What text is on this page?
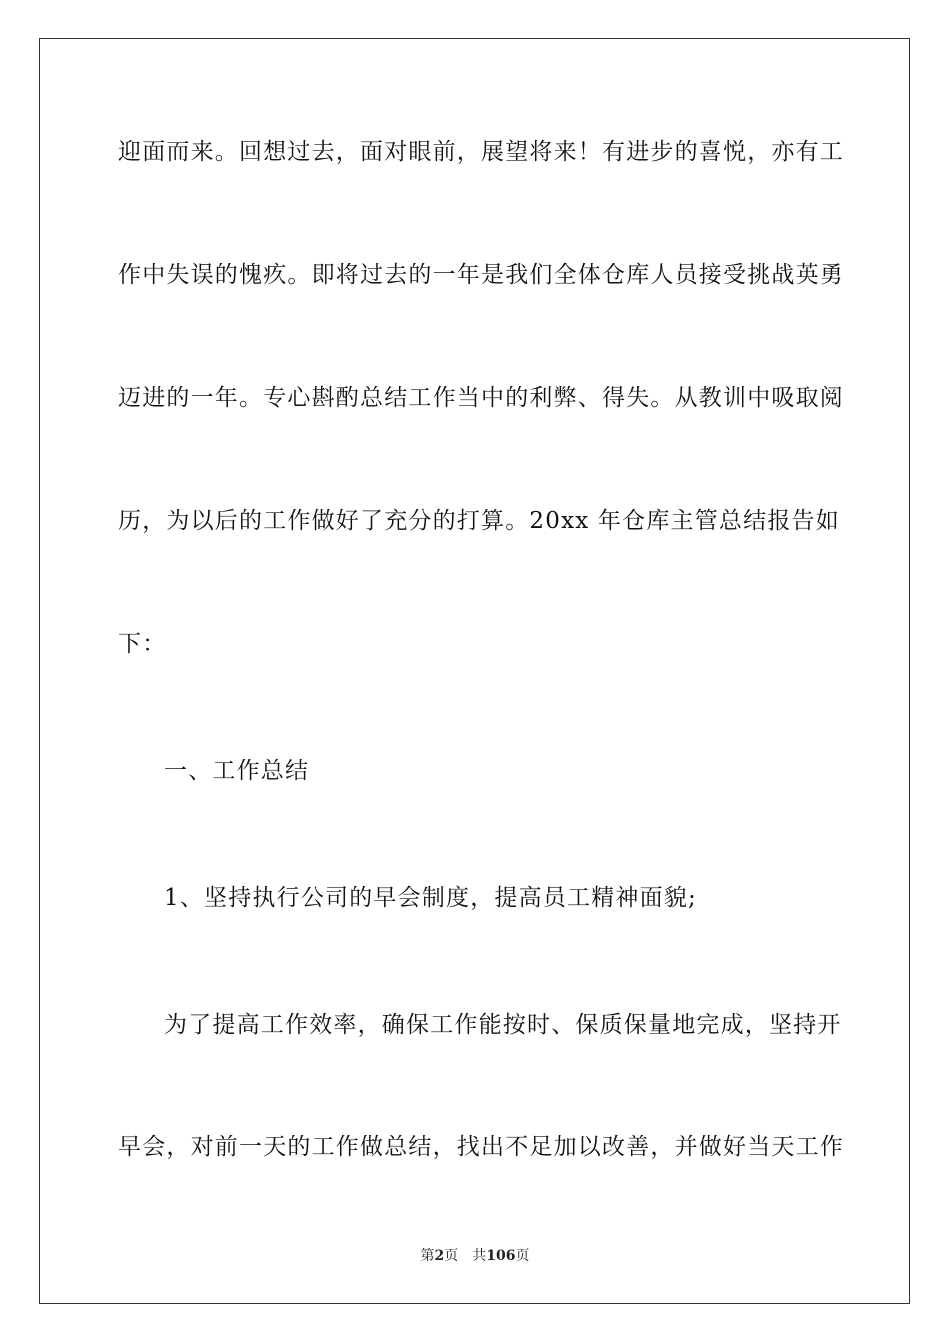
迎面而来。回想过去，面对眼前，展望将来！有进步的喜悦，亦有工
作中失误的愧疚。即将过去的一年是我们全体仓库人员接受挑战英勇
迈进的一年。专心斟酌总结工作当中的利弊、得失。从教训中吸取阅
历，为以后的工作做好了充分的打算。20xx 年仓库主管总结报告如
下：
一、工作总结
1、坚持执行公司的早会制度，提高员工精神面貌;
为了提高工作效率，确保工作能按时、保质保量地完成，坚持开
早会，对前一天的工作做总结，找出不足加以改善，并做好当天工作
第2页 共106页
